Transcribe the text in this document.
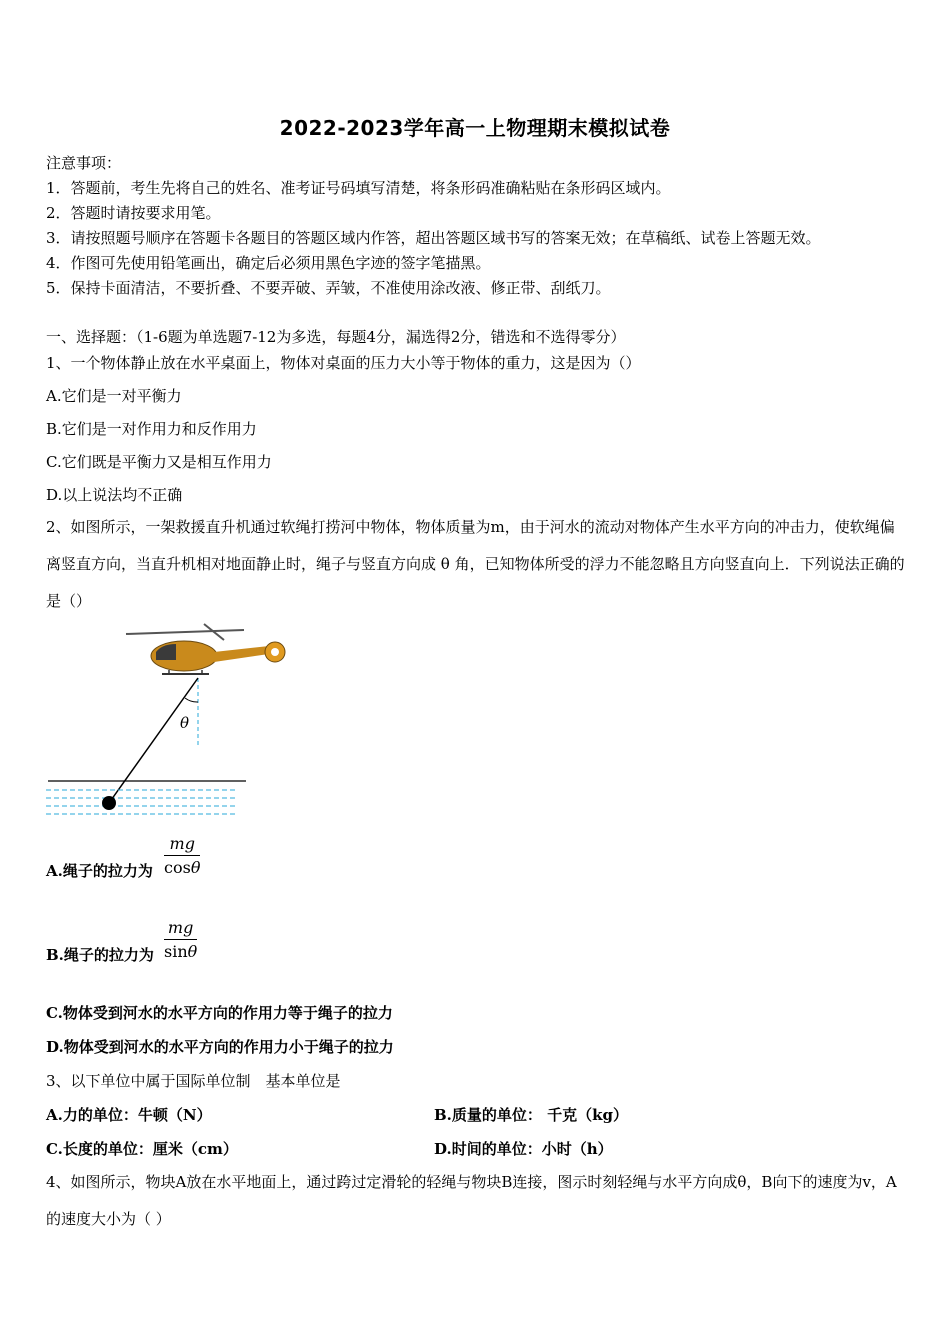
2022-2023学年高一上物理期末模拟试卷
注意事项：
1．答题前，考生先将自己的姓名、准考证号码填写清楚，将条形码准确粘贴在条形码区域内。
2．答题时请按要求用笔。
3．请按照题号顺序在答题卡各题目的答题区域内作答，超出答题区域书写的答案无效；在草稿纸、试卷上答题无效。
4．作图可先使用铅笔画出，确定后必须用黑色字迹的签字笔描黑。
5．保持卡面清洁，不要折叠、不要弄破、弄皱，不准使用涂改液、修正带、刮纸刀。
一、选择题：（1-6题为单选题7-12为多选，每题4分，漏选得2分，错选和不选得零分）
1、一个物体静止放在水平桌面上，物体对桌面的压力大小等于物体的重力，这是因为（）
A.它们是一对平衡力
B.它们是一对作用力和反作用力
C.它们既是平衡力又是相互作用力
D.以上说法均不正确
2、如图所示，一架救援直升机通过软绳打捞河中物体，物体质量为m，由于河水的流动对物体产生水平方向的冲击力，使软绳偏离竖直方向，当直升机相对地面静止时，绳子与竖直方向成 θ 角，已知物体所受的浮力不能忽略且方向竖直向上．下列说法正确的是（）
θ
A.绳子的拉力为
mg
cosθ
B.绳子的拉力为
mg
sinθ
C.物体受到河水的水平方向的作用力等于绳子的拉力
D.物体受到河水的水平方向的作用力小于绳子的拉力
3、以下单位中属于国际单位制　基本单位是
A.力的单位：牛顿（N）	B.质量的单位： 千克（kg）
C.长度的单位：厘米（cm）	D.时间的单位：小时（h）
4、如图所示，物块A放在水平地面上，通过跨过定滑轮的轻绳与物块B连接，图示时刻轻绳与水平方向成θ，B向下的速度为v，A的速度大小为（ ）
